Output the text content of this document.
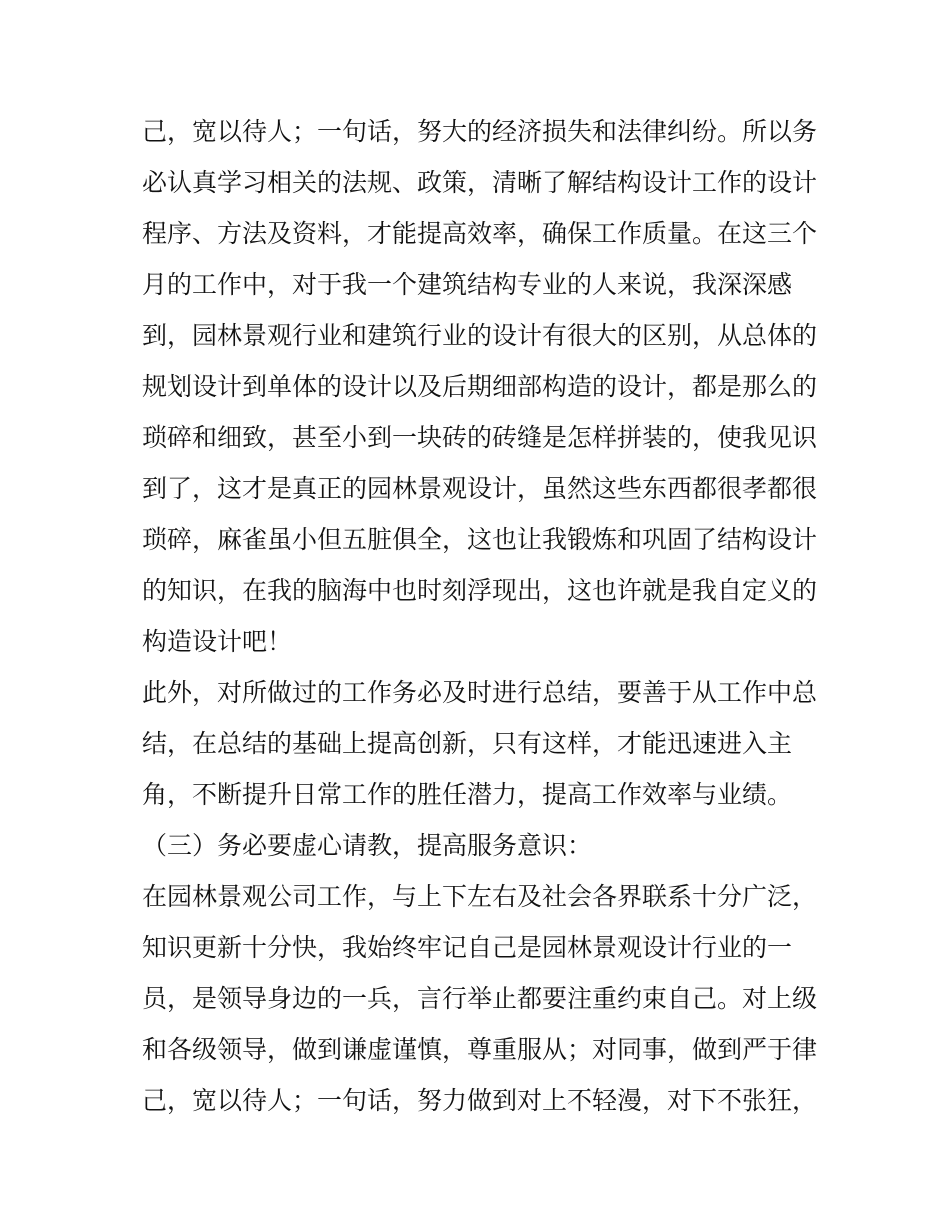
己，宽以待人；一句话，努大的经济损失和法律纠纷。所以务
必认真学习相关的法规、政策，清晰了解结构设计工作的设计
程序、方法及资料，才能提高效率，确保工作质量。在这三个
月的工作中，对于我一个建筑结构专业的人来说，我深深感
到，园林景观行业和建筑行业的设计有很大的区别，从总体的
规划设计到单体的设计以及后期细部构造的设计，都是那么的
琐碎和细致，甚至小到一块砖的砖缝是怎样拼装的，使我见识
到了，这才是真正的园林景观设计，虽然这些东西都很孝都很
琐碎，麻雀虽小但五脏俱全，这也让我锻炼和巩固了结构设计
的知识，在我的脑海中也时刻浮现出，这也许就是我自定义的
构造设计吧！
此外，对所做过的工作务必及时进行总结，要善于从工作中总
结，在总结的基础上提高创新，只有这样，才能迅速进入主
角，不断提升日常工作的胜任潜力，提高工作效率与业绩。
（三）务必要虚心请教，提高服务意识：
在园林景观公司工作，与上下左右及社会各界联系十分广泛，
知识更新十分快，我始终牢记自己是园林景观设计行业的一
员，是领导身边的一兵，言行举止都要注重约束自己。对上级
和各级领导，做到谦虚谨慎，尊重服从；对同事，做到严于律
己，宽以待人；一句话，努力做到对上不轻漫，对下不张狂，
